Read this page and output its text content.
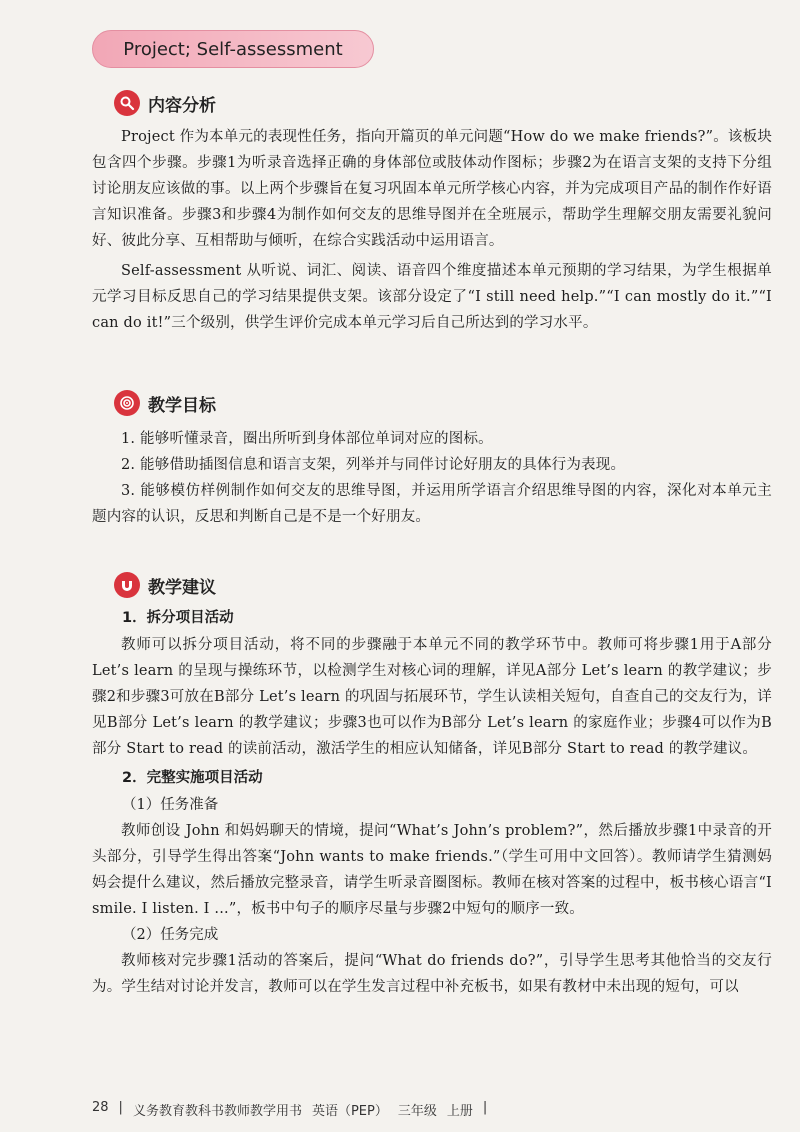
Project; Self-assessment
内容分析

Project 作为本单元的表现性任务，指向开篇页的单元问题“How do we make friends?”。该板块包含四个步骤。步骤1为听录音选择正确的身体部位或肢体动作图标；步骤2为在语言支架的支持下分组讨论朋友应该做的事。以上两个步骤旨在复习巩固本单元所学核心内容，并为完成项目产品的制作作好语言知识准备。步骤3和步骤4为制作如何交友的思维导图并在全班展示，帮助学生理解交朋友需要礼貌问好、彼此分享、互相帮助与倾听，在综合实践活动中运用语言。

Self-assessment 从听说、词汇、阅读、语音四个维度描述本单元预期的学习结果，为学生根据单元学习目标反思自己的学习结果提供支架。该部分设定了“I still need help.”“I can mostly do it.”“I can do it!”三个级别，供学生评价完成本单元学习后自己所达到的学习水平。

教学目标

1. 能够听懂录音，圈出所听到身体部位单词对应的图标。

2. 能够借助插图信息和语言支架，列举并与同伴讨论好朋友的具体行为表现。

3. 能够模仿样例制作如何交友的思维导图，并运用所学语言介绍思维导图的内容，深化对本单元主题内容的认识，反思和判断自己是不是一个好朋友。

教学建议
1．拆分项目活动

教师可以拆分项目活动，将不同的步骤融于本单元不同的教学环节中。教师可将步骤1用于A部分 Let’s learn 的呈现与操练环节，以检测学生对核心词的理解，详见A部分 Let’s learn 的教学建议；步骤2和步骤3可放在B部分 Let’s learn 的巩固与拓展环节，学生认读相关短句，自查自己的交友行为，详见B部分 Let’s learn 的教学建议；步骤3也可以作为B部分 Let’s learn 的家庭作业；步骤4可以作为B部分 Start to read 的读前活动，激活学生的相应认知储备，详见B部分 Start to read 的教学建议。

2．完整实施项目活动
（1）任务准备

教师创设 John 和妈妈聊天的情境，提问“What’s John’s problem?”，然后播放步骤1中录音的开头部分，引导学生得出答案“John wants to make friends.”（学生可用中文回答）。教师请学生猜测妈妈会提什么建议，然后播放完整录音，请学生听录音圈图标。教师在核对答案的过程中，板书核心语言“I smile. I listen. I ...”，板书中句子的顺序尽量与步骤2中短句的顺序一致。

（2）任务完成

教师核对完步骤1活动的答案后，提问“What do friends do?”，引导学生思考其他恰当的交友行为。学生结对讨论并发言，教师可以在学生发言过程中补充板书，如果有教材中未出现的短句，可以

28 | 义务教育教科书教师教学用书 英语（PEP） 三年级 上册 |
